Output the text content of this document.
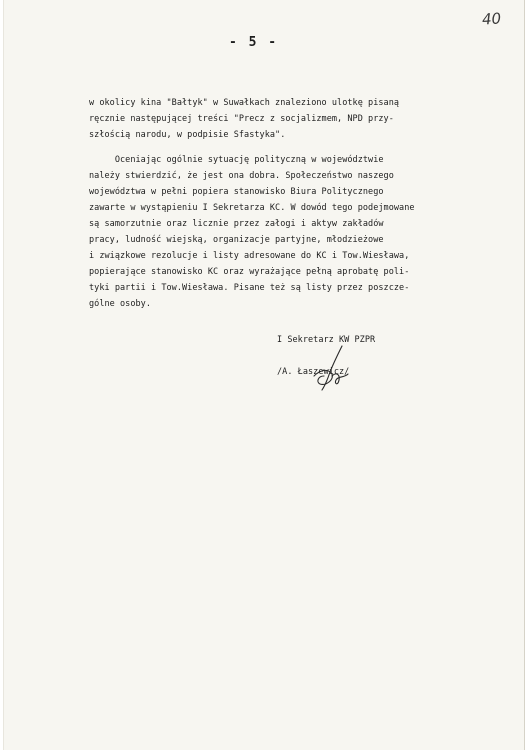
40
- 5 -
w okolicy kina "Bałtyk" w Suwałkach znaleziono ulotkę pisaną
ręcznie następującej treści "Precz z socjalizmem, NPD przy-
szłością narodu, w podpisie Sfastyka".
Oceniając ogólnie sytuację polityczną w województwie
należy stwierdzić, że jest ona dobra. Społeczeństwo naszego
województwa w pełni popiera stanowisko Biura Politycznego
zawarte w wystąpieniu I Sekretarza KC. W dowód tego podejmowane
są samorzutnie oraz licznie przez załogi i aktyw zakładów
pracy, ludność wiejską, organizacje partyjne, młodzieżowe
i związkowe rezolucje i listy adresowane do KC i Tow.Wiesława,
popierające stanowisko KC oraz wyrażające pełną aprobatę poli-
tyki partii i Tow.Wiesława. Pisane też są listy przez poszcze-
gólne osoby.
I Sekretarz KW PZPR
/A. Łaszewicz/
